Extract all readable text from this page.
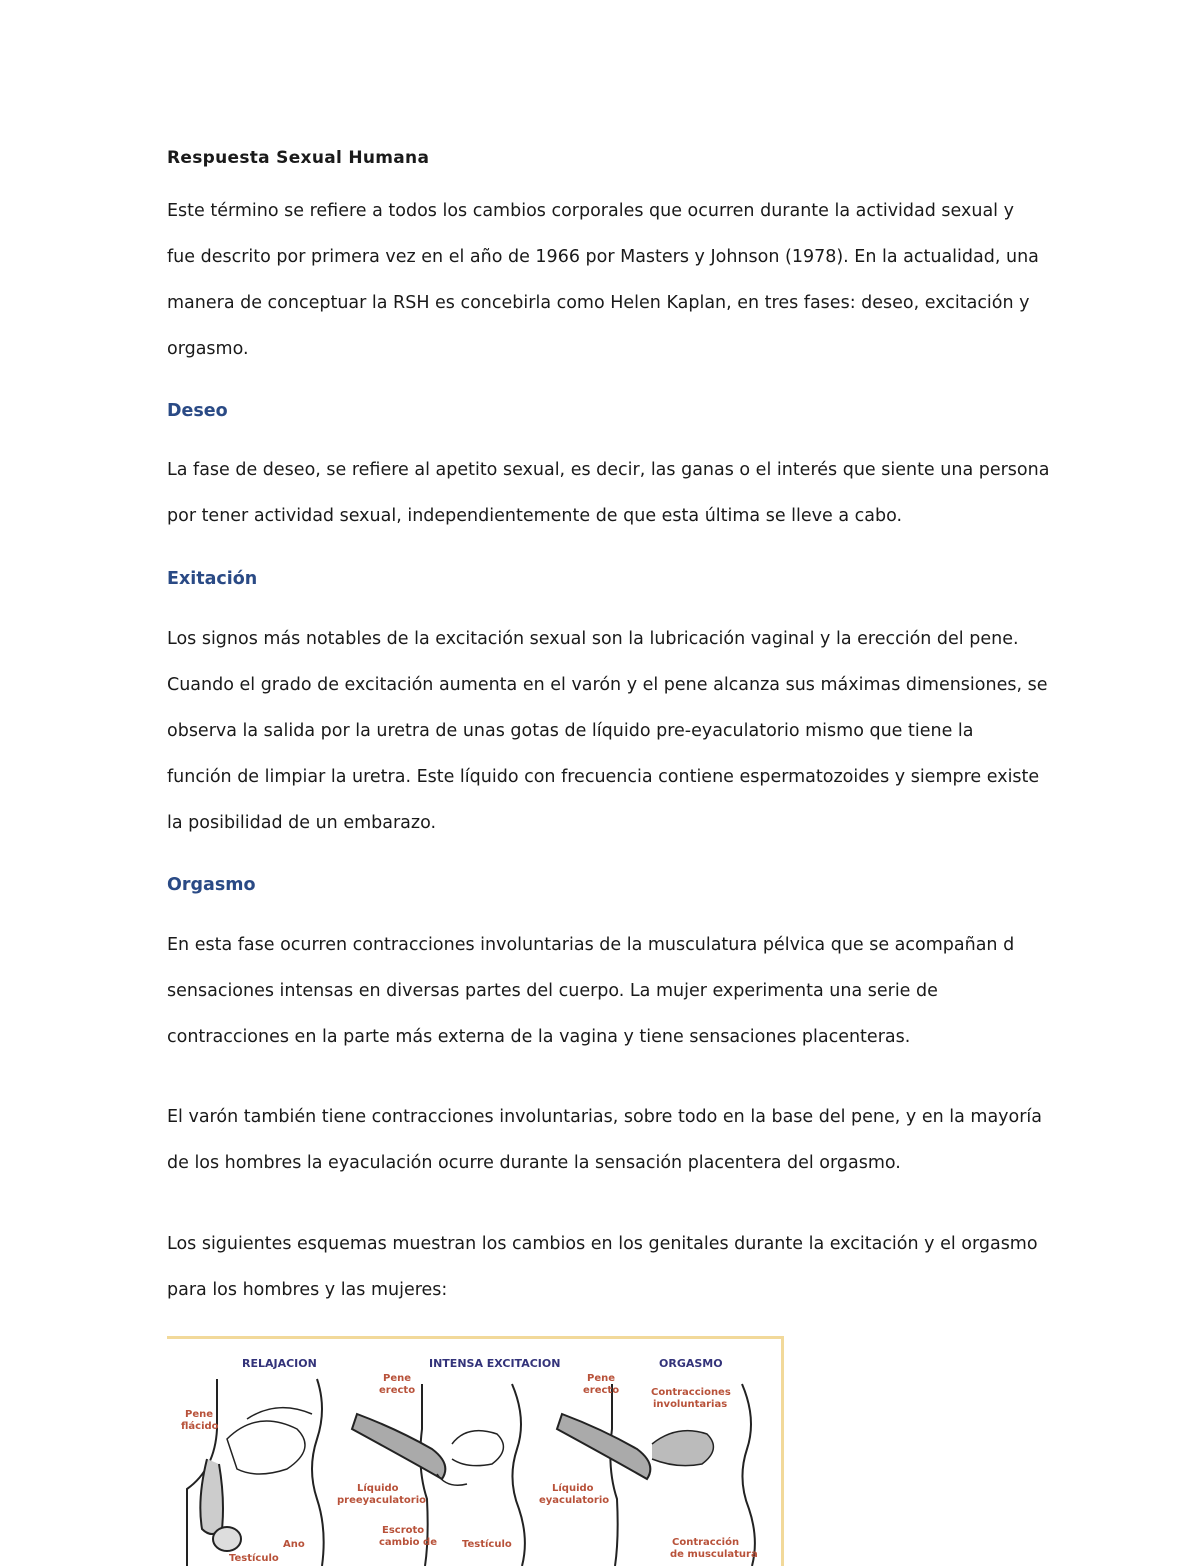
Respuesta Sexual Humana

Este término se refiere a todos los cambios corporales que ocurren durante la actividad sexual y
fue descrito por primera vez en el año de 1966 por Masters y Johnson (1978). En la actualidad, una
manera de conceptuar la RSH es concebirla como Helen Kaplan, en tres fases: deseo, excitación y
orgasmo.

Deseo

La fase de deseo, se refiere al apetito sexual, es decir, las ganas o el interés que siente una persona
por tener actividad sexual, independientemente de que esta última se lleve a cabo.

Exitación

Los signos más notables de la excitación sexual son la lubricación vaginal y la erección del pene.
Cuando el grado de excitación aumenta en el varón y el pene alcanza sus máximas dimensiones, se
observa la salida por la uretra de unas gotas de líquido pre-eyaculatorio mismo que tiene la
función de limpiar la uretra. Este líquido con frecuencia contiene espermatozoides y siempre existe
la posibilidad de un embarazo.

Orgasmo

En esta fase ocurren contracciones involuntarias de la musculatura pélvica que se acompañan d
sensaciones intensas en diversas partes del cuerpo. La mujer experimenta una serie de
contracciones en la parte más externa de la vagina y tiene sensaciones placenteras.

El varón también tiene contracciones involuntarias, sobre todo en la base del pene, y en la mayoría
de los hombres la eyaculación ocurre durante la sensación placentera del orgasmo.

Los siguientes esquemas muestran los cambios en los genitales durante la excitación y el orgasmo
para los hombres y las mujeres:

RELAJACION	INTENSA EXCITACION	ORGASMO
Pene flácido
Testículo
Ano
Pene erecto
Líquido preeyaculatorio
Escroto cambio de	Testículo
Pene erecto	Contracciones involuntarias
Líquido eyaculatorio
Contracción de musculatura
